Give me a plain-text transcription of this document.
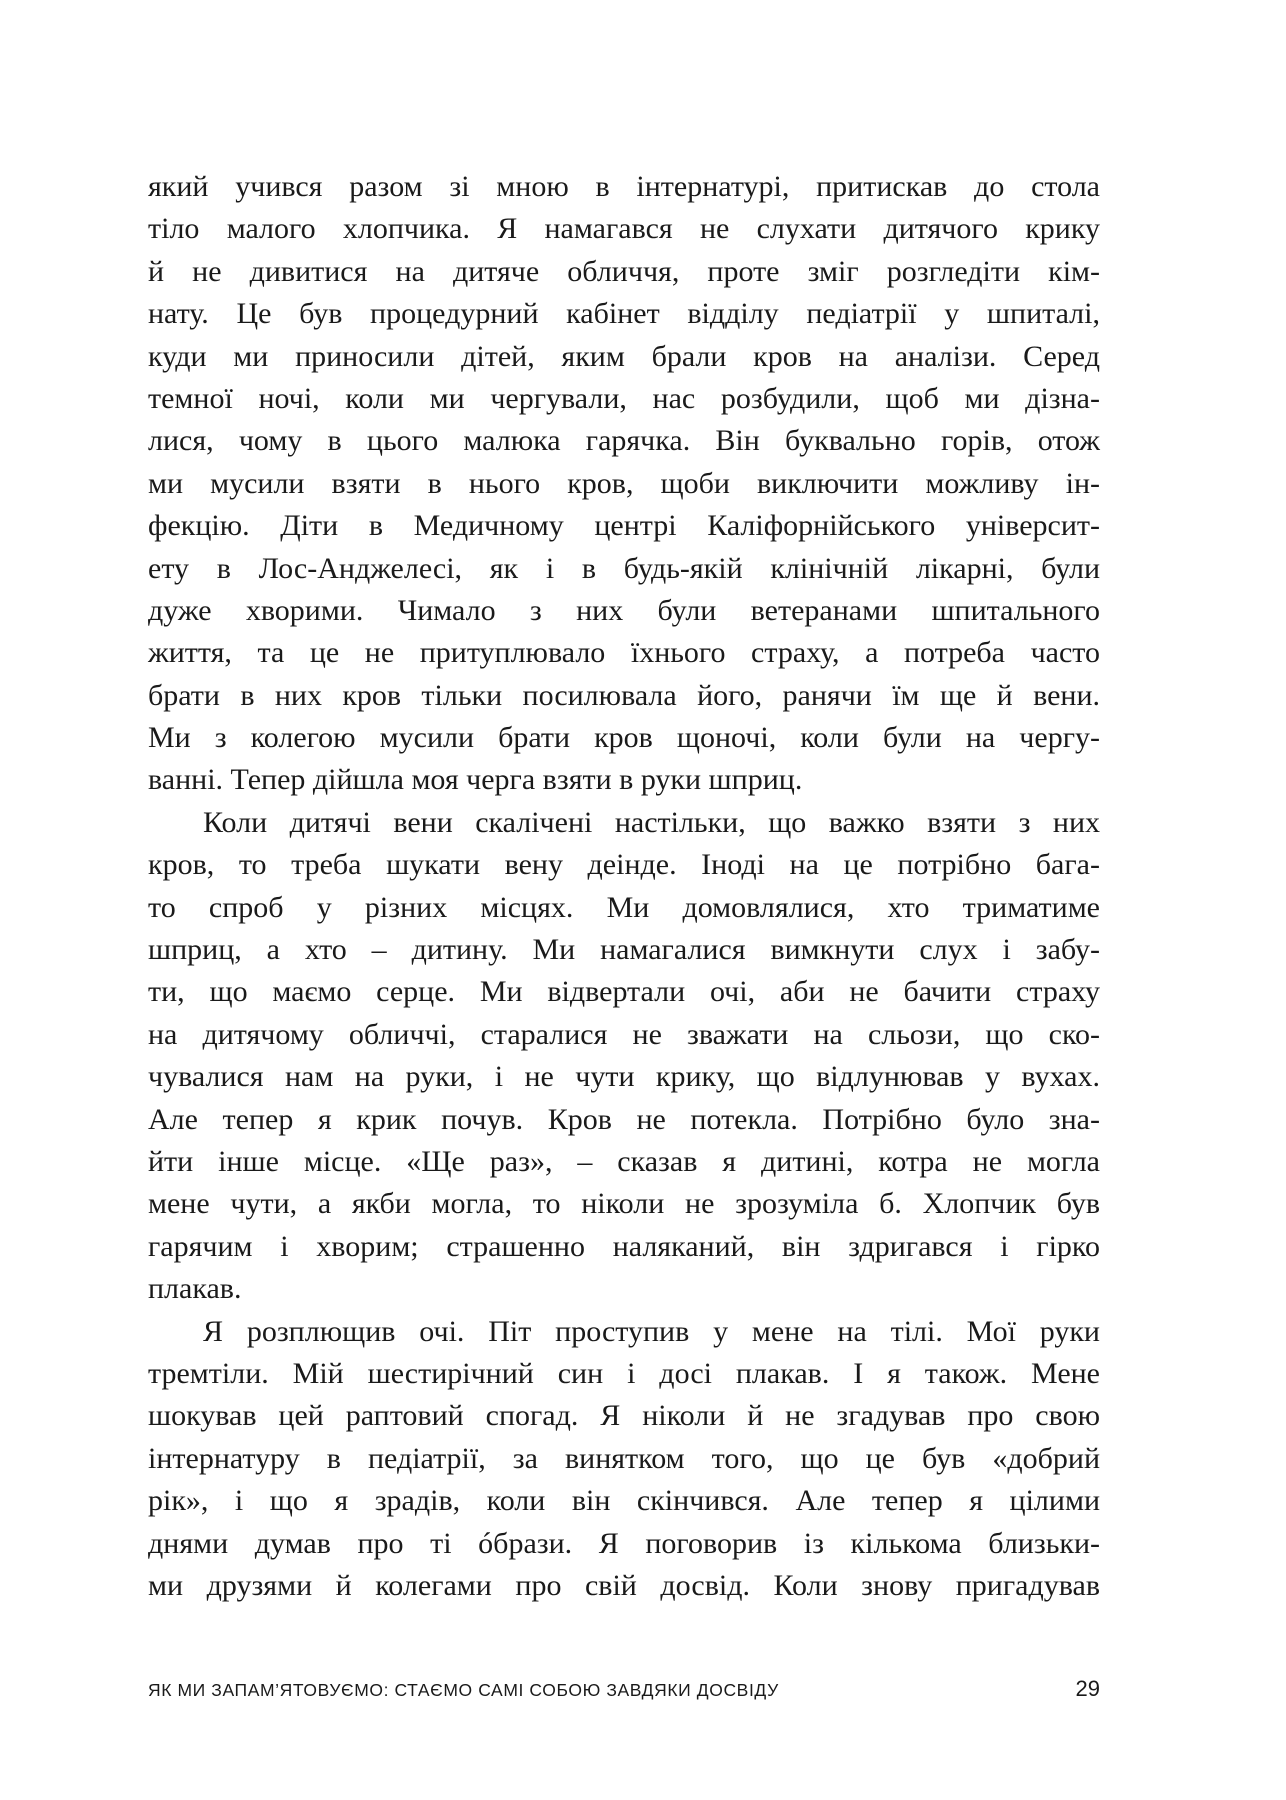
який учився разом зі мною в інтернатурі, притискав до стола
тіло малого хлопчика. Я намагався не слухати дитячого крику
й не дивитися на дитяче обличчя, проте зміг розгледіти кім-
нату. Це був процедурний кабінет відділу педіатрії у шпиталі,
куди ми приносили дітей, яким брали кров на аналізи. Серед
темної ночі, коли ми чергували, нас розбудили, щоб ми дізна-
лися, чому в цього малюка гарячка. Він буквально горів, отож
ми мусили взяти в нього кров, щоби виключити можливу ін-
фекцію. Діти в Медичному центрі Каліфорнійського університ-
ету в Лос-Анджелесі, як і в будь-якій клінічній лікарні, були
дуже хворими. Чимало з них були ветеранами шпитального
життя, та це не притуплювало їхнього страху, а потреба часто
брати в них кров тільки посилювала його, ранячи їм ще й вени.
Ми з колегою мусили брати кров щоночі, коли були на чергу-
ванні. Тепер дійшла моя черга взяти в руки шприц.
Коли дитячі вени скалічені настільки, що важко взяти з них
кров, то треба шукати вену деінде. Іноді на це потрібно бага-
то спроб у різних місцях. Ми домовлялися, хто триматиме
шприц, а хто – дитину. Ми намагалися вимкнути слух і забу-
ти, що маємо серце. Ми відвертали очі, аби не бачити страху
на дитячому обличчі, старалися не зважати на сльози, що ско-
чувалися нам на руки, і не чути крику, що відлунював у вухах.
Але тепер я крик почув. Кров не потекла. Потрібно було зна-
йти інше місце. «Ще раз», – сказав я дитині, котра не могла
мене чути, а якби могла, то ніколи не зрозуміла б. Хлопчик був
гарячим і хворим; страшенно наляканий, він здригався і гірко
плакав.
Я розплющив очі. Піт проступив у мене на тілі. Мої руки
тремтіли. Мій шестирічний син і досі плакав. І я також. Мене
шокував цей раптовий спогад. Я ніколи й не згадував про свою
інтернатуру в педіатрії, за винятком того, що це був «добрий
рік», і що я зрадів, коли він скінчився. Але тепер я цілими
днями думав про ті óбрази. Я поговорив із кількома близьки-
ми друзями й колегами про свій досвід. Коли знову пригадував
ЯК МИ ЗАПАМ’ЯТОВУЄМО: СТАЄМО САМІ СОБОЮ ЗАВДЯКИ ДОСВІДУ	29
